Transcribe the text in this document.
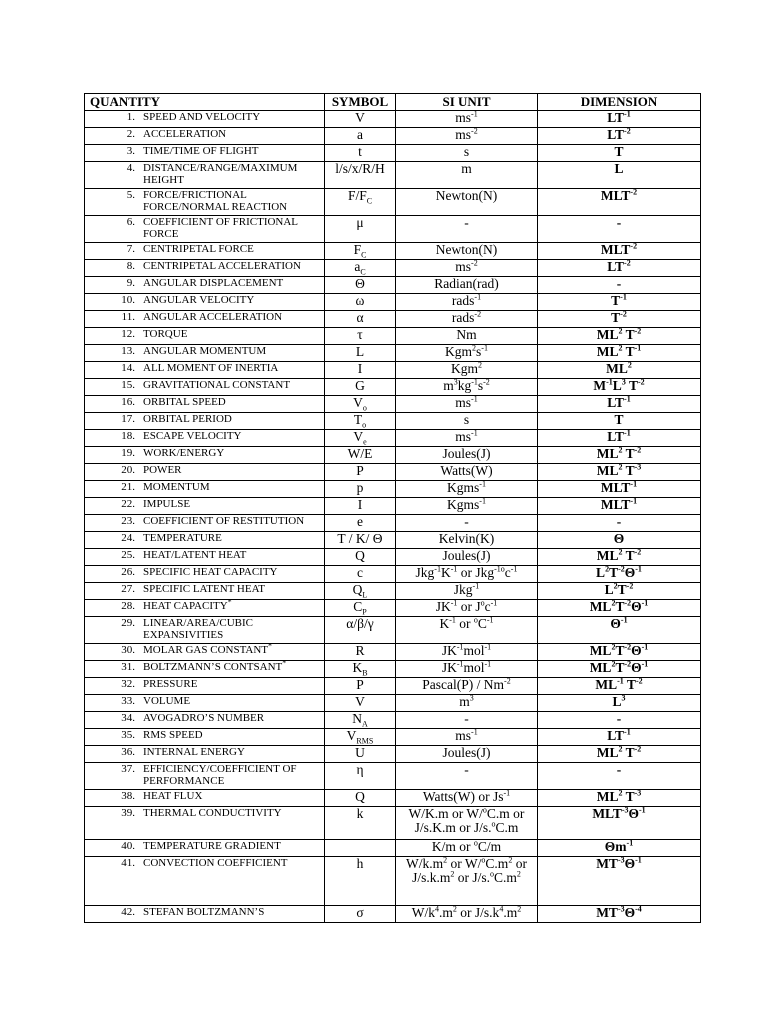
QUANTITY	SYMBOL	SI UNIT	DIMENSION
1. SPEED AND VELOCITY	V	$ms^{-1}$	$LT^{-1}$
2. ACCELERATION	a	$ms^{-2}$	$LT^{-2}$
3. TIME/TIME OF FLIGHT	t	s	T
4. DISTANCE/RANGE/MAXIMUM HEIGHT	l/s/x/R/H	m	L
5. FORCE/FRICTIONAL FORCE/NORMAL REACTION	$F/F_C$	Newton(N)	$MLT^{-2}$
6. COEFFICIENT OF FRICTIONAL FORCE	μ	-	-
7. CENTRIPETAL FORCE	$F_C$	Newton(N)	$MLT^{-2}$
8. CENTRIPETAL ACCELERATION	$a_C$	$ms^{-2}$	$LT^{-2}$
9. ANGULAR DISPLACEMENT	Θ	Radian(rad)	-
10. ANGULAR VELOCITY	ω	rads$^{-1}$	$T^{-1}$
11. ANGULAR ACCELERATION	α	rads$^{-2}$	$T^{-2}$
12. TORQUE	τ	Nm	$ML^2$ $T^{-2}$
13. ANGULAR MOMENTUM	L	$Kgm^2s^{-1}$	$ML^2$ $T^{-1}$
14. ALL MOMENT OF INERTIA	I	Kgm$^2$	$ML^2$
15. GRAVITATIONAL CONSTANT	G	$m^3kg^{-1}s^{-2}$	$M^{-1}L^3$ $T^{-2}$
16. ORBITAL SPEED	$V_o$	$ms^{-1}$	$LT^{-1}$
17. ORBITAL PERIOD	$T_o$	s	T
18. ESCAPE VELOCITY	$V_e$	$ms^{-1}$	$LT^{-1}$
19. WORK/ENERGY	W/E	Joules(J)	$ML^2$ $T^{-2}$
20. POWER	P	Watts(W)	$ML^2$ $T^{-3}$
21. MOMENTUM	p	Kgms$^{-1}$	$MLT^{-1}$
22. IMPULSE	I	Kgms$^{-1}$	$MLT^{-1}$
23. COEFFICIENT OF RESTITUTION	e	-	-
24. TEMPERATURE	T / K/ Θ	Kelvin(K)	Θ
25. HEAT/LATENT HEAT	Q	Joules(J)	$ML^2$ $T^{-2}$
26. SPECIFIC HEAT CAPACITY	c	$Jkg^{-1}K^{-1}$ or $Jkg^{-1o}c^{-1}$	$L^2T^{-2}\Theta^{-1}$
27. SPECIFIC LATENT HEAT	$Q_L$	Jkg$^{-1}$	$L^2T^{-2}$
28. HEAT CAPACITY*	$C_P$	$JK^{-1}$ or $J^oc^{-1}$	$ML^2T^{-2}\Theta^{-1}$
29. LINEAR/AREA/CUBIC EXPANSIVITIES	α/β/γ	$K^{-1}$ or $^oC^{-1}$	$\Theta^{-1}$
30. MOLAR GAS CONSTANT*	R	$JK^{-1}mol^{-1}$	$ML^2T^{-2}\Theta^{-1}$
31. BOLTZMANN’S CONTSANT*	$K_B$	$JK^{-1}mol^{-1}$	$ML^2T^{-2}\Theta^{-1}$
32. PRESSURE	P	Pascal(P) / $Nm^{-2}$	$ML^{-1}$ $T^{-2}$
33. VOLUME	V	$m^3$	$L^3$
34. AVOGADRO’S NUMBER	$N_A$	-	-
35. RMS SPEED	$V_{RMS}$	$ms^{-1}$	$LT^{-1}$
36. INTERNAL ENERGY	U	Joules(J)	$ML^2$ $T^{-2}$
37. EFFICIENCY/COEFFICIENT OF PERFORMANCE	η	-	-
38. HEAT FLUX	Q	Watts(W) or $Js^{-1}$	$ML^2$ $T^{-3}$
39. THERMAL CONDUCTIVITY	k	W/K.m or W/$^o$C.m or J/s.K.m or J/s.$^o$C.m	$MLT^{-3}\Theta^{-1}$
40. TEMPERATURE GRADIENT		K/m or $^o$C/m	$\Theta m^{-1}$
41. CONVECTION COEFFICIENT	h	$W/k.m^2$ or $W/^oC.m^2$ or $J/s.k.m^2$ or $J/s.^oC.m^2$	$MT^{-3}\Theta^{-1}$
42. STEFAN BOLTZMANN’S	σ	$W/k^4.m^2$ or $J/s.k^4.m^2$	$MT^{-3}\Theta^{-4}$
